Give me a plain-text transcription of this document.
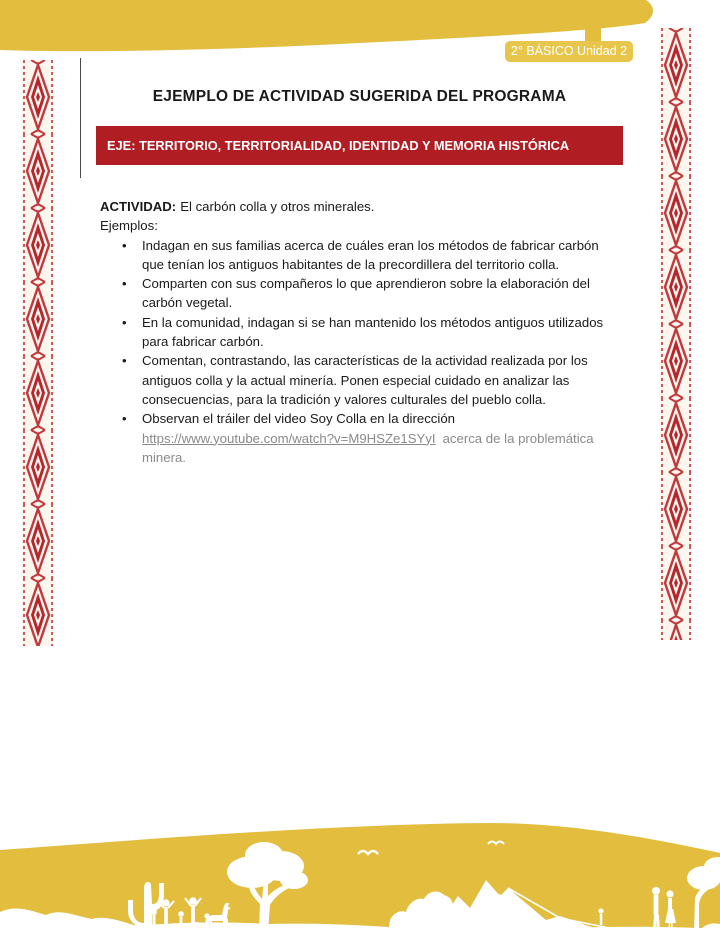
2° BÁSICO Unidad 2
EJEMPLO DE ACTIVIDAD SUGERIDA DEL PROGRAMA
EJE: TERRITORIO, TERRITORIALIDAD, IDENTIDAD Y MEMORIA HISTÓRICA

ACTIVIDAD: El carbón colla y otros minerales.

Ejemplos:

• Indagan en sus familias acerca de cuáles eran los métodos de fabricar carbón que tenían los antiguos habitantes de la precordillera del territorio colla.
• Comparten con sus compañeros lo que aprendieron sobre la elaboración del carbón vegetal.
• En la comunidad, indagan si se han mantenido los métodos antiguos utilizados para fabricar carbón.
• Comentan, contrastando, las características de la actividad realizada por los antiguos colla y la actual minería. Ponen especial cuidado en analizar las consecuencias, para la tradición y valores culturales del pueblo colla.
• Observan el tráiler del video Soy Colla en la dirección
https://www.youtube.com/watch?v=M9HSZe1SYyI acerca de la problemática minera.
